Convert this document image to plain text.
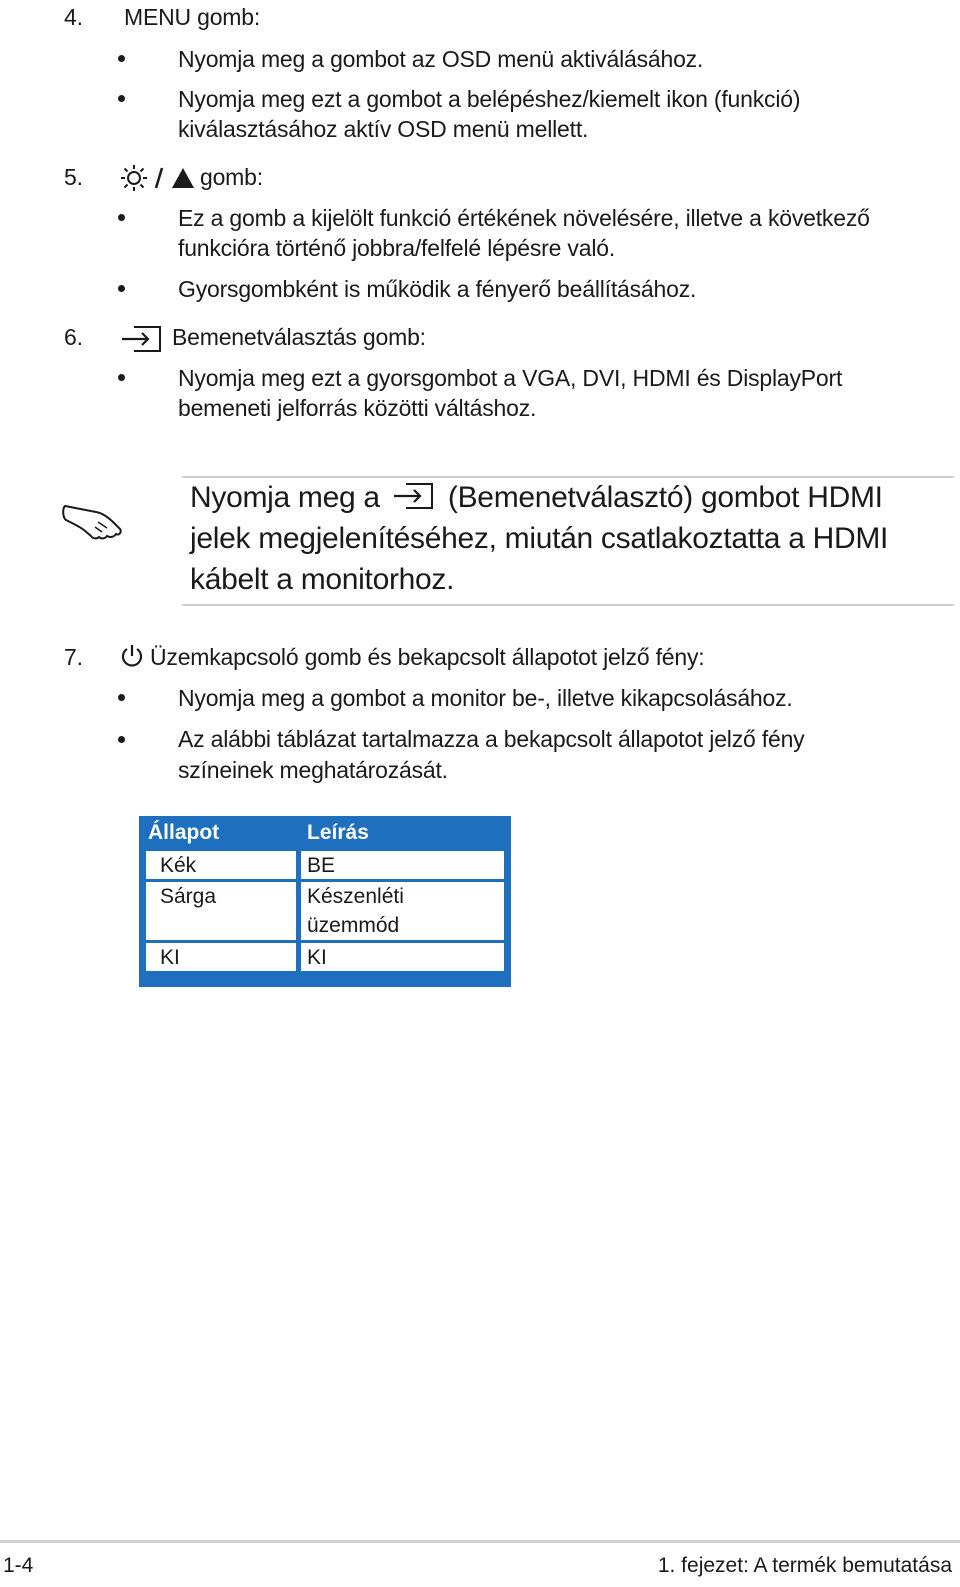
4. MENU gomb:
Nyomja meg a gombot az OSD menü aktiválásához.
Nyomja meg ezt a gombot a belépéshez/kiemelt ikon (funkció)
kiválasztásához aktív OSD menü mellett.
5.	gomb:
Ez a gomb a kijelölt funkció értékének növelésére, illetve a következő
funkcióra történő jobbra/felfelé lépésre való.
Gyorsgombként is működik a fényerő beállításához.
6.	Bemenetválasztás gomb:
Nyomja meg ezt a gyorsgombot a VGA, DVI, HDMI és DisplayPort
bemeneti jelforrás közötti váltáshoz.
Nyomja meg a (Bemenetválasztó) gombot HDMI
jelek megjelenítéséhez, miután csatlakoztatta a HDMI
kábelt a monitorhoz.
7.	Üzemkapcsoló gomb és bekapcsolt állapotot jelző fény:
Nyomja meg a gombot a monitor be-, illetve kikapcsolásához.
Az alábbi táblázat tartalmazza a bekapcsolt állapotot jelző fény
színeinek meghatározását.
Állapot	Leírás
Kék	BE
Sárga	Készenléti
üzemmód
KI	KI
1-4	1. fejezet: A termék bemutatása
